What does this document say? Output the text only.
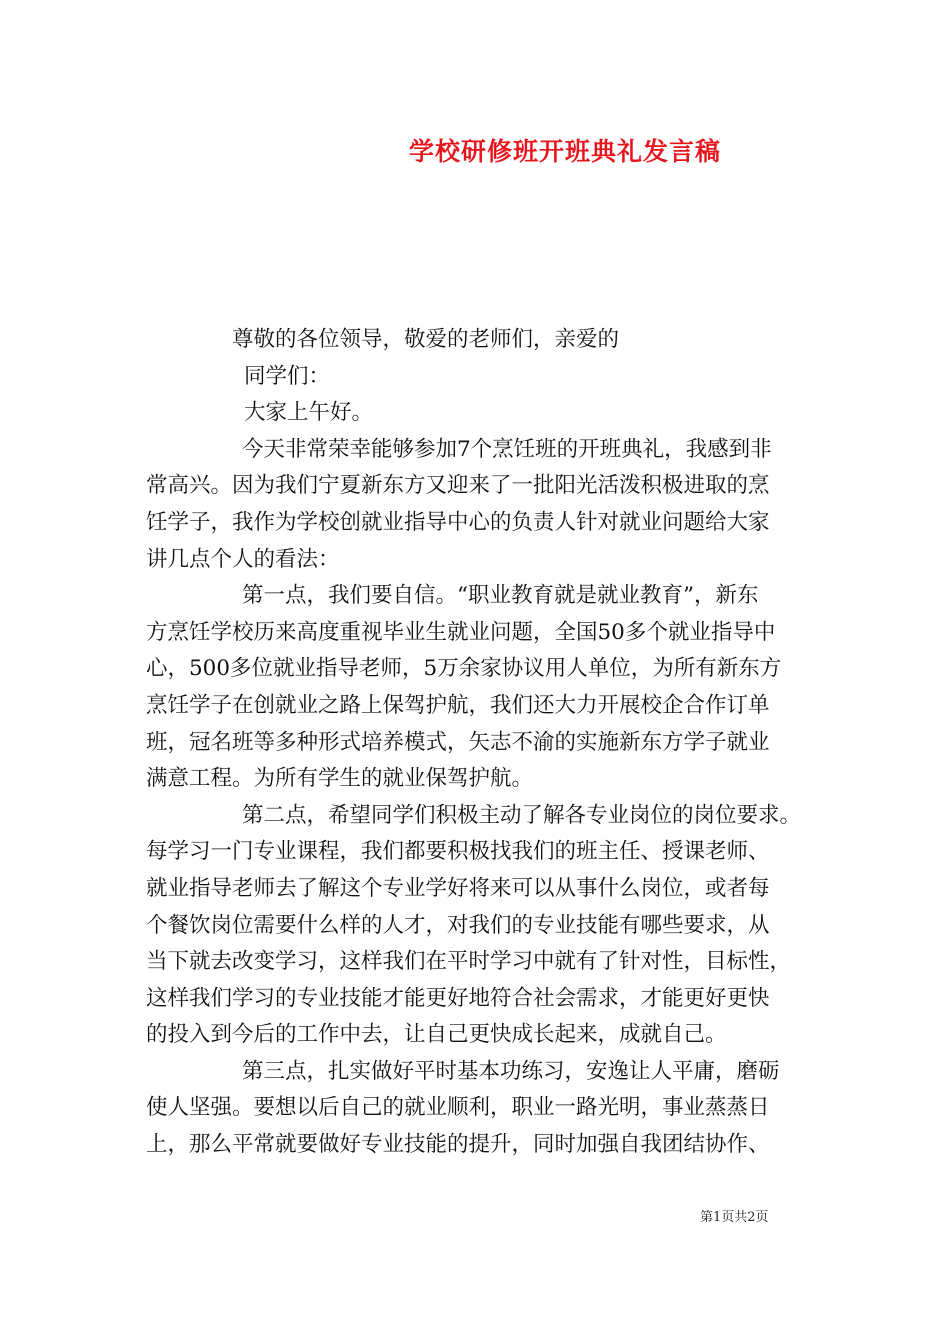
学校研修班开班典礼发言稿

尊敬的各位领导，敬爱的老师们，亲爱的

同学们：

大家上午好。

今天非常荣幸能够参加7个烹饪班的开班典礼，我感到非

常高兴。因为我们宁夏新东方又迎来了一批阳光活泼积极进取的烹

饪学子，我作为学校创就业指导中心的负责人针对就业问题给大家

讲几点个人的看法：

第一点，我们要自信。“职业教育就是就业教育”，新东

方烹饪学校历来高度重视毕业生就业问题，全国50多个就业指导中

心，500多位就业指导老师，5万余家协议用人单位，为所有新东方

烹饪学子在创就业之路上保驾护航，我们还大力开展校企合作订单

班，冠名班等多种形式培养模式，矢志不渝的实施新东方学子就业

满意工程。为所有学生的就业保驾护航。

第二点，希望同学们积极主动了解各专业岗位的岗位要求。

每学习一门专业课程，我们都要积极找我们的班主任、授课老师、

就业指导老师去了解这个专业学好将来可以从事什么岗位，或者每

个餐饮岗位需要什么样的人才，对我们的专业技能有哪些要求，从

当下就去改变学习，这样我们在平时学习中就有了针对性，目标性，

这样我们学习的专业技能才能更好地符合社会需求，才能更好更快

的投入到今后的工作中去，让自己更快成长起来，成就自己。

第三点，扎实做好平时基本功练习，安逸让人平庸，磨砺

使人坚强。要想以后自己的就业顺利，职业一路光明，事业蒸蒸日

上，那么平常就要做好专业技能的提升，同时加强自我团结协作、

第1页共2页
